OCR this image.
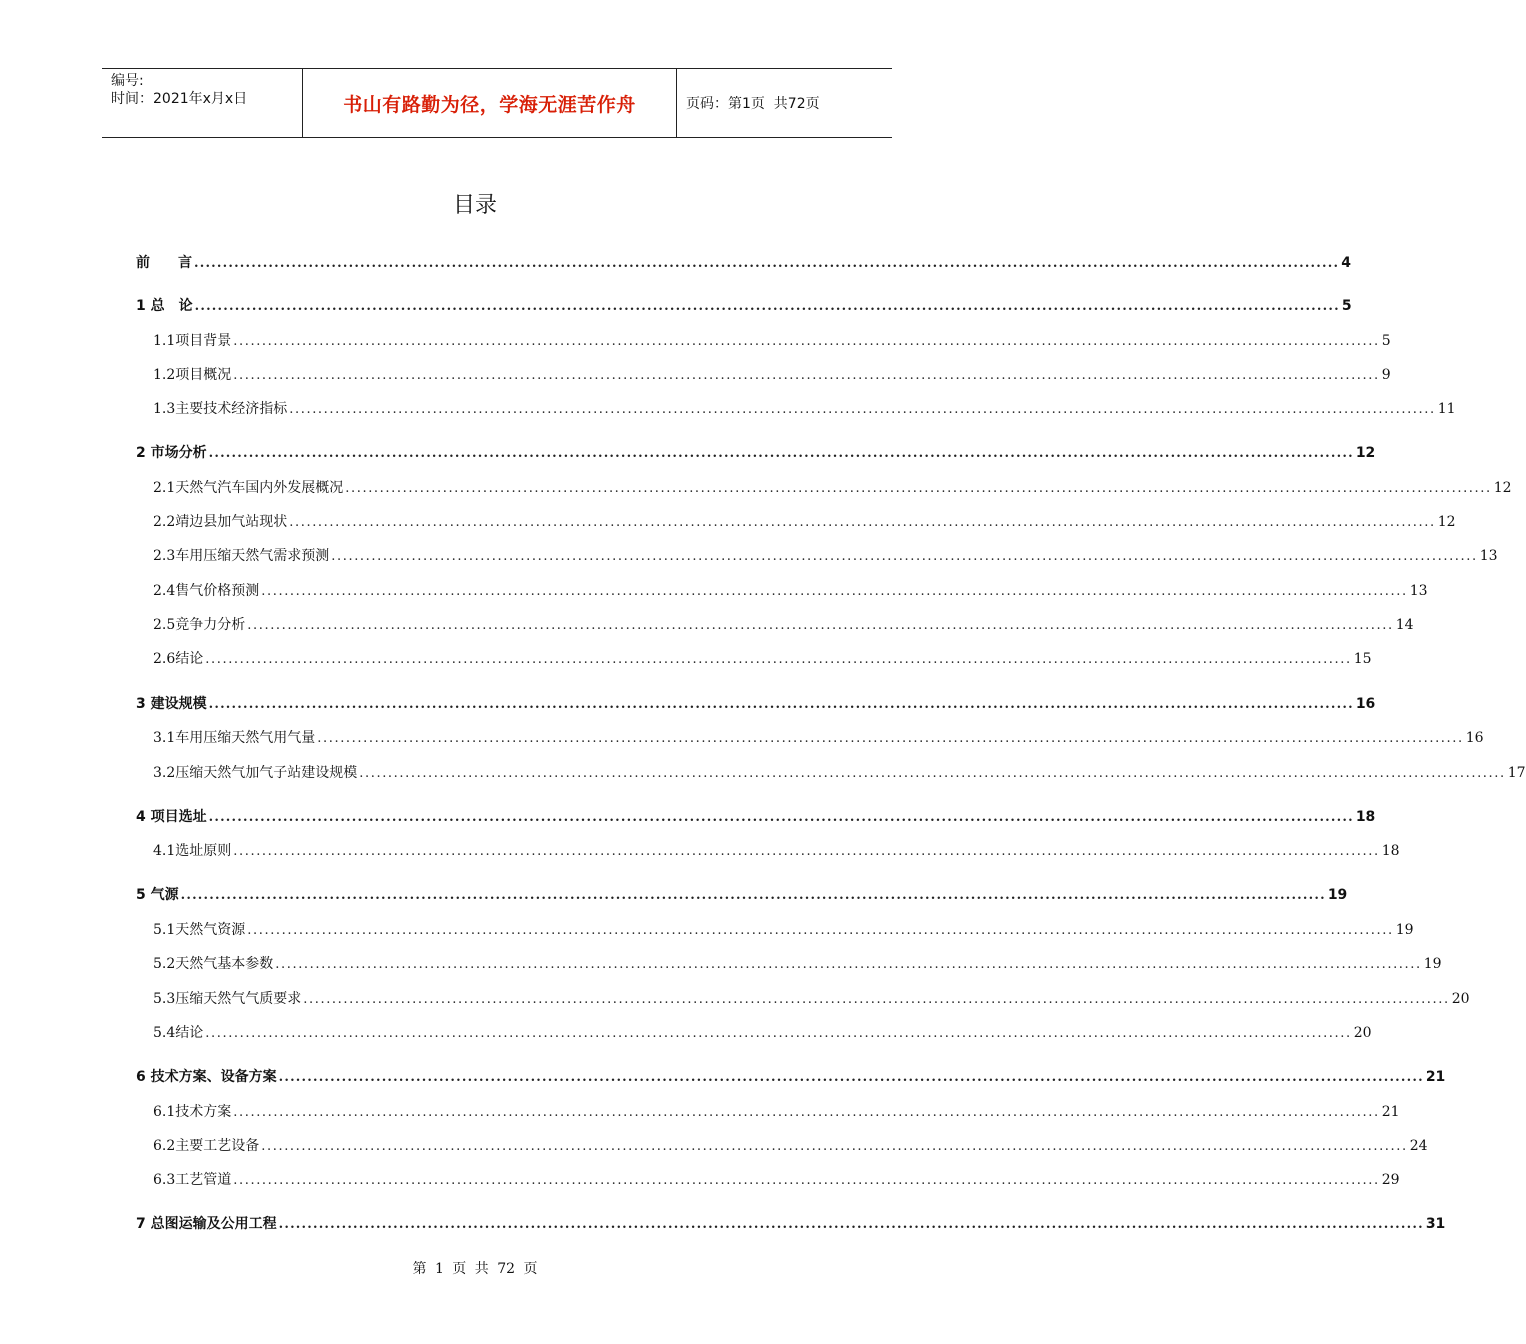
编号:
时间：2021年x月x日	书山有路勤为径，学海无涯苦作舟	页码：第1页  共72页
目录
前　　言 ........................................................................................................................................................................................................ 4
1 总　论 ........................................................................................................................................................................................................ 5
1.1项目背景 ........................................................................................................................................................................................................ 5
1.2项目概况 ........................................................................................................................................................................................................ 9
1.3主要技术经济指标 ........................................................................................................................................................................................................ 11
2 市场分析 ........................................................................................................................................................................................................ 12
2.1天然气汽车国内外发展概况 ........................................................................................................................................................................................................ 12
2.2靖边县加气站现状 ........................................................................................................................................................................................................ 12
2.3车用压缩天然气需求预测 ........................................................................................................................................................................................................ 13
2.4售气价格预测 ........................................................................................................................................................................................................ 13
2.5竞争力分析 ........................................................................................................................................................................................................ 14
2.6结论 ........................................................................................................................................................................................................ 15
3 建设规模 ........................................................................................................................................................................................................ 16
3.1车用压缩天然气用气量 ........................................................................................................................................................................................................ 16
3.2压缩天然气加气子站建设规模 ........................................................................................................................................................................................................ 17
4 项目选址 ........................................................................................................................................................................................................ 18
4.1选址原则 ........................................................................................................................................................................................................ 18
5 气源 ........................................................................................................................................................................................................ 19
5.1天然气资源 ........................................................................................................................................................................................................ 19
5.2天然气基本参数 ........................................................................................................................................................................................................ 19
5.3压缩天然气气质要求 ........................................................................................................................................................................................................ 20
5.4结论 ........................................................................................................................................................................................................ 20
6 技术方案、设备方案 ........................................................................................................................................................................................................ 21
6.1技术方案 ........................................................................................................................................................................................................ 21
6.2主要工艺设备 ........................................................................................................................................................................................................ 24
6.3工艺管道 ........................................................................................................................................................................................................ 29
7 总图运输及公用工程 ........................................................................................................................................................................................................ 31
第 1 页 共 72 页
